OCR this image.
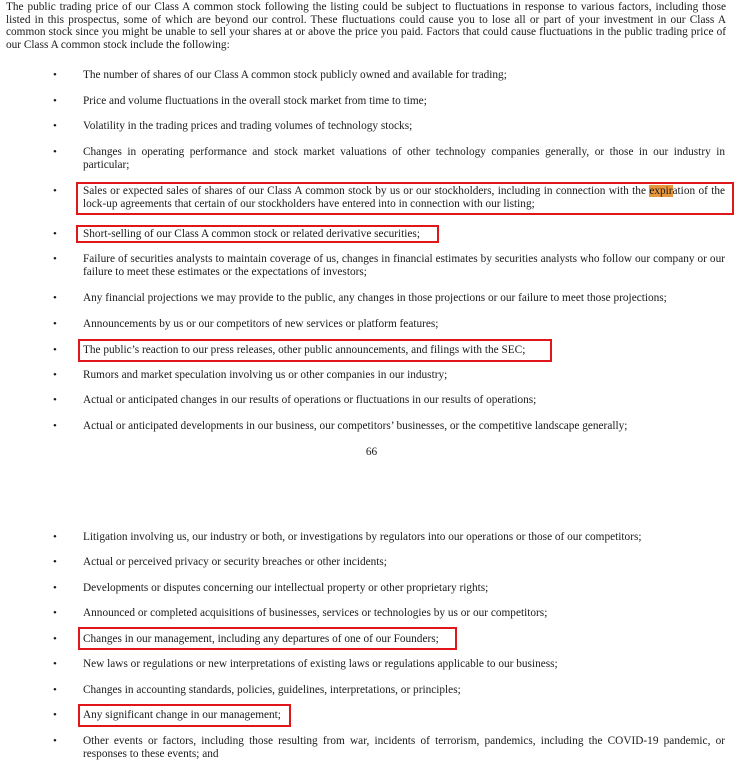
The public trading price of our Class A common stock following the listing could be subject to fluctuations in response to various factors, including those listed in this prospectus, some of which are beyond our control. These fluctuations could cause you to lose all or part of your investment in our Class A common stock since you might be unable to sell your shares at or above the price you paid. Factors that could cause fluctuations in the public trading price of our Class A common stock include the following:

• The number of shares of our Class A common stock publicly owned and available for trading;
• Price and volume fluctuations in the overall stock market from time to time;
• Volatility in the trading prices and trading volumes of technology stocks;
• Changes in operating performance and stock market valuations of other technology companies generally, or those in our industry in particular;
• Sales or expected sales of shares of our Class A common stock by us or our stockholders, including in connection with the expiration of the lock-up agreements that certain of our stockholders have entered into in connection with our listing;
• Short-selling of our Class A common stock or related derivative securities;
• Failure of securities analysts to maintain coverage of us, changes in financial estimates by securities analysts who follow our company or our failure to meet these estimates or the expectations of investors;
• Any financial projections we may provide to the public, any changes in those projections or our failure to meet those projections;
• Announcements by us or our competitors of new services or platform features;
• The public’s reaction to our press releases, other public announcements, and filings with the SEC;
• Rumors and market speculation involving us or other companies in our industry;
• Actual or anticipated changes in our results of operations or fluctuations in our results of operations;
• Actual or anticipated developments in our business, our competitors’ businesses, or the competitive landscape generally;
66
• Litigation involving us, our industry or both, or investigations by regulators into our operations or those of our competitors;
• Actual or perceived privacy or security breaches or other incidents;
• Developments or disputes concerning our intellectual property or other proprietary rights;
• Announced or completed acquisitions of businesses, services or technologies by us or our competitors;
• Changes in our management, including any departures of one of our Founders;
• New laws or regulations or new interpretations of existing laws or regulations applicable to our business;
• Changes in accounting standards, policies, guidelines, interpretations, or principles;
• Any significant change in our management;
• Other events or factors, including those resulting from war, incidents of terrorism, pandemics, including the COVID-19 pandemic, or responses to these events; and
